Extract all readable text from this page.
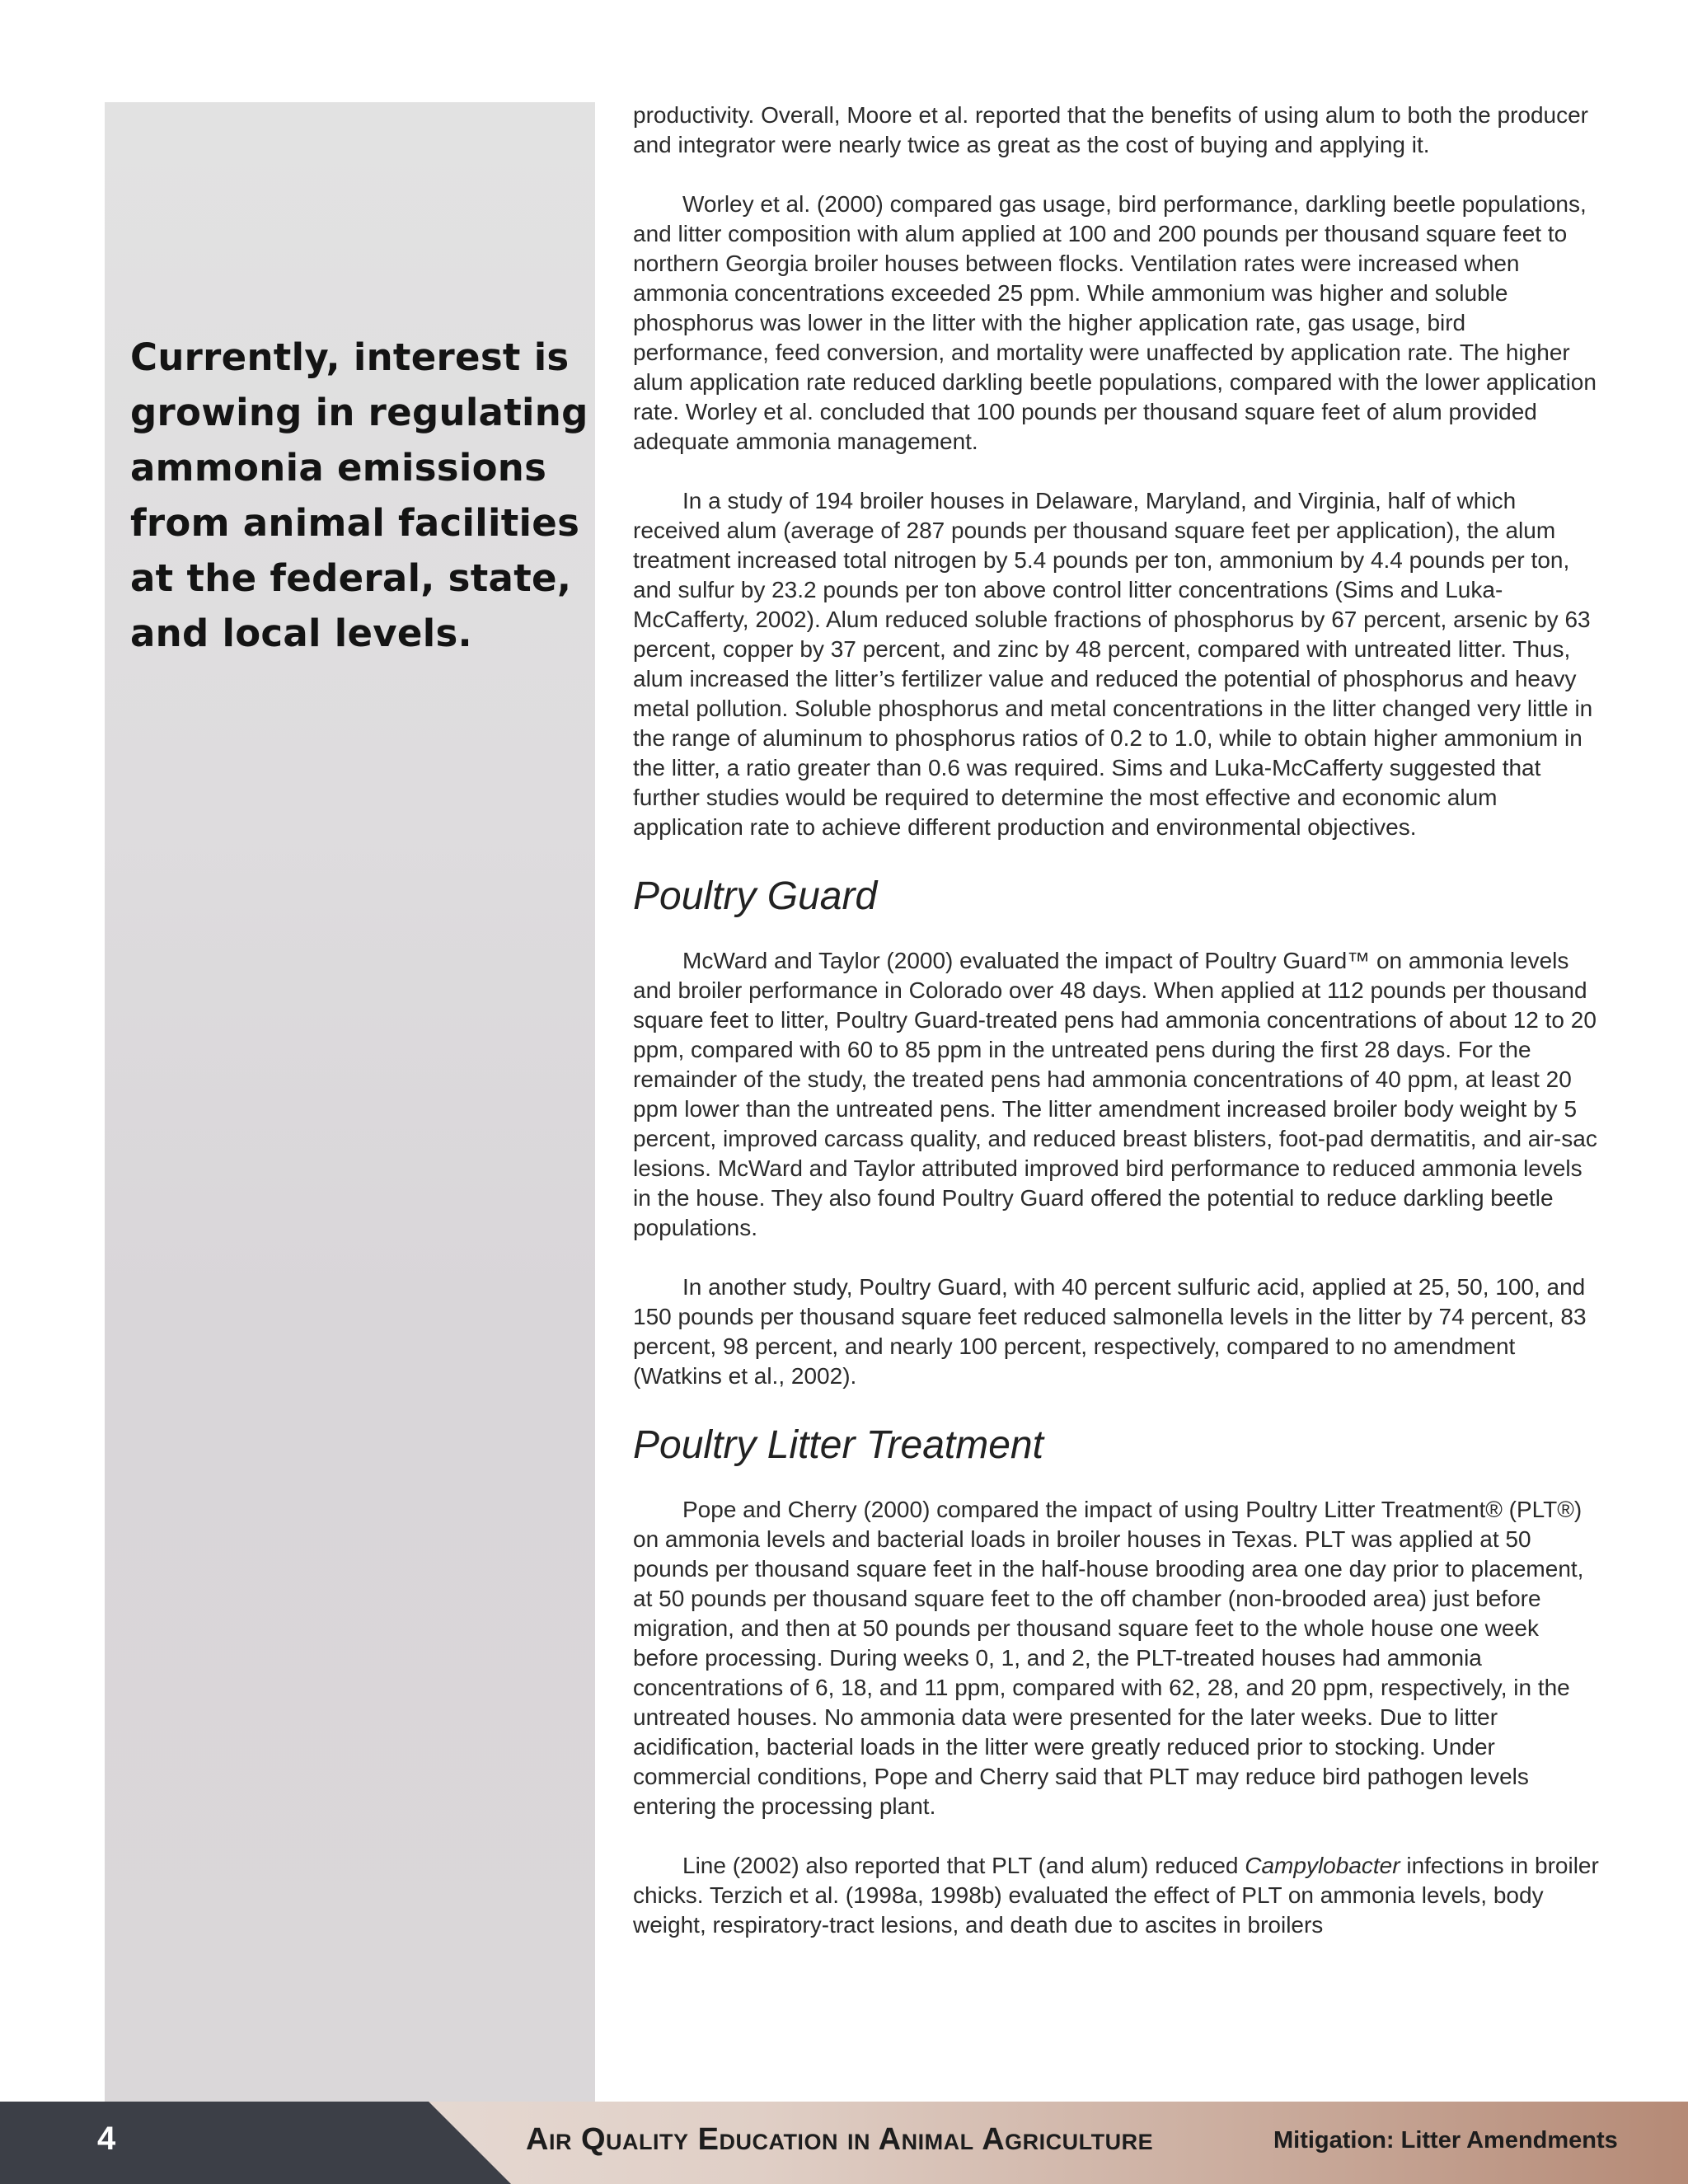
Currently, interest is growing in regulating ammonia emissions from animal facilities at the federal, state, and local levels.

productivity. Overall, Moore et al. reported that the benefits of using alum to both the producer and integrator were nearly twice as great as the cost of buying and applying it.

Worley et al. (2000) compared gas usage, bird performance, darkling beetle populations, and litter composition with alum applied at 100 and 200 pounds per thousand square feet to northern Georgia broiler houses between flocks. Ventilation rates were increased when ammonia concentrations exceeded 25 ppm. While ammonium was higher and soluble phosphorus was lower in the litter with the higher application rate, gas usage, bird performance, feed conversion, and mortality were unaffected by application rate. The higher alum application rate reduced darkling beetle populations, compared with the lower application rate. Worley et al. concluded that 100 pounds per thousand square feet of alum provided adequate ammonia management.

In a study of 194 broiler houses in Delaware, Maryland, and Virginia, half of which received alum (average of 287 pounds per thousand square feet per application), the alum treatment increased total nitrogen by 5.4 pounds per ton, ammonium by 4.4 pounds per ton, and sulfur by 23.2 pounds per ton above control litter concentrations (Sims and Luka-McCafferty, 2002). Alum reduced soluble fractions of phosphorus by 67 percent, arsenic by 63 percent, copper by 37 percent, and zinc by 48 percent, compared with untreated litter. Thus, alum increased the litter’s fertilizer value and reduced the potential of phosphorus and heavy metal pollution. Soluble phosphorus and metal concentrations in the litter changed very little in the range of aluminum to phosphorus ratios of 0.2 to 1.0, while to obtain higher ammonium in the litter, a ratio greater than 0.6 was required. Sims and Luka-McCafferty suggested that further studies would be required to determine the most effective and economic alum application rate to achieve different production and environmental objectives.

Poultry Guard

McWard and Taylor (2000) evaluated the impact of Poultry Guard™ on ammonia levels and broiler performance in Colorado over 48 days. When applied at 112 pounds per thousand square feet to litter, Poultry Guard-treated pens had ammonia concentrations of about 12 to 20 ppm, compared with 60 to 85 ppm in the untreated pens during the first 28 days. For the remainder of the study, the treated pens had ammonia concentrations of 40 ppm, at least 20 ppm lower than the untreated pens. The litter amendment increased broiler body weight by 5 percent, improved carcass quality, and reduced breast blisters, foot-pad dermatitis, and air-sac lesions. McWard and Taylor attributed improved bird performance to reduced ammonia levels in the house. They also found Poultry Guard offered the potential to reduce darkling beetle populations.

In another study, Poultry Guard, with 40 percent sulfuric acid, applied at 25, 50, 100, and 150 pounds per thousand square feet reduced salmonella levels in the litter by 74 percent, 83 percent, 98 percent, and nearly 100 percent, respectively, compared to no amendment (Watkins et al., 2002).

Poultry Litter Treatment

Pope and Cherry (2000) compared the impact of using Poultry Litter Treatment® (PLT®) on ammonia levels and bacterial loads in broiler houses in Texas. PLT was applied at 50 pounds per thousand square feet in the half-house brooding area one day prior to placement, at 50 pounds per thousand square feet to the off chamber (non-brooded area) just before migration, and then at 50 pounds per thousand square feet to the whole house one week before processing. During weeks 0, 1, and 2, the PLT-treated houses had ammonia concentrations of 6, 18, and 11 ppm, compared with 62, 28, and 20 ppm, respectively, in the untreated houses. No ammonia data were presented for the later weeks. Due to litter acidification, bacterial loads in the litter were greatly reduced prior to stocking. Under commercial conditions, Pope and Cherry said that PLT may reduce bird pathogen levels entering the processing plant.

Line (2002) also reported that PLT (and alum) reduced Campylobacter infections in broiler chicks. Terzich et al. (1998a, 1998b) evaluated the effect of PLT on ammonia levels, body weight, respiratory-tract lesions, and death due to ascites in broilers

4	Air Quality Education in Animal Agriculture	Mitigation: Litter Amendments
